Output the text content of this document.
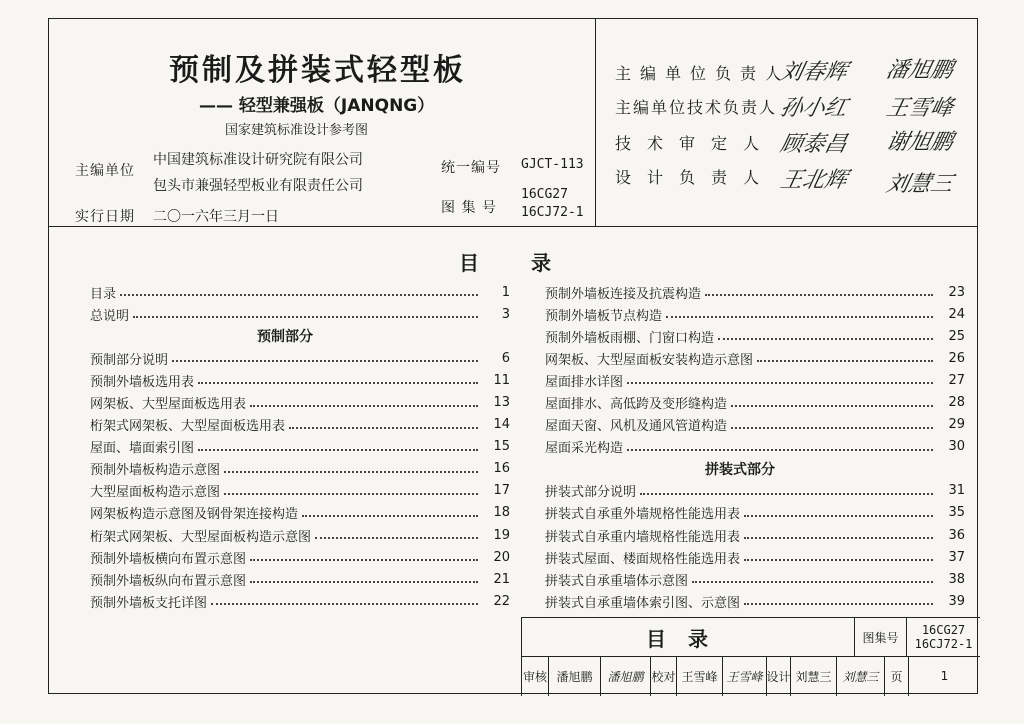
预制及拼装式轻型板
—— 轻型兼强板（JANQNG）
国家建筑标准设计参考图
主编单位
中国建筑标准设计研究院有限公司
包头市兼强轻型板业有限责任公司
实行日期 二〇一六年三月一日
统一编号 GJCT-113
图 集 号
16CG27
16CJ72-1
主编单位负责人
刘春辉 潘旭鹏
主编单位技术负责人 孙小红 王雪峰
技术审定人 顾泰昌 谢旭鹏
设计负责人 王北辉 刘慧三
目录
目录	1
总说明	3
预制部分
预制部分说明	6
预制外墙板选用表	11
网架板、大型屋面板选用表	13
桁架式网架板、大型屋面板选用表	14
屋面、墙面索引图	15
预制外墙板构造示意图	16
大型屋面板构造示意图	17
网架板构造示意图及钢骨架连接构造	18
桁架式网架板、大型屋面板构造示意图	19
预制外墙板横向布置示意图	20
预制外墙板纵向布置示意图	21
预制外墙板支托详图	22
预制外墙板连接及抗震构造	23
预制外墙板节点构造	24
预制外墙板雨棚、门窗口构造	25
网架板、大型屋面板安装构造示意图	26
屋面排水详图	27
屋面排水、高低跨及变形缝构造	28
屋面天窗、风机及通风管道构造	29
屋面采光构造	30
拼装式部分
拼装式部分说明	31
拼装式自承重外墙规格性能选用表	35
拼装式自承重内墙规格性能选用表	36
拼装式屋面、楼面规格性能选用表	37
拼装式自承重墙体示意图	38
拼装式自承重墙体索引图、示意图	39
目录	图集号
16CG27
16CJ72-1
审核 潘旭鹏	潘旭鹏 校对 王雪峰 王雪峰 设计 刘慧三 刘慧三 页	1
